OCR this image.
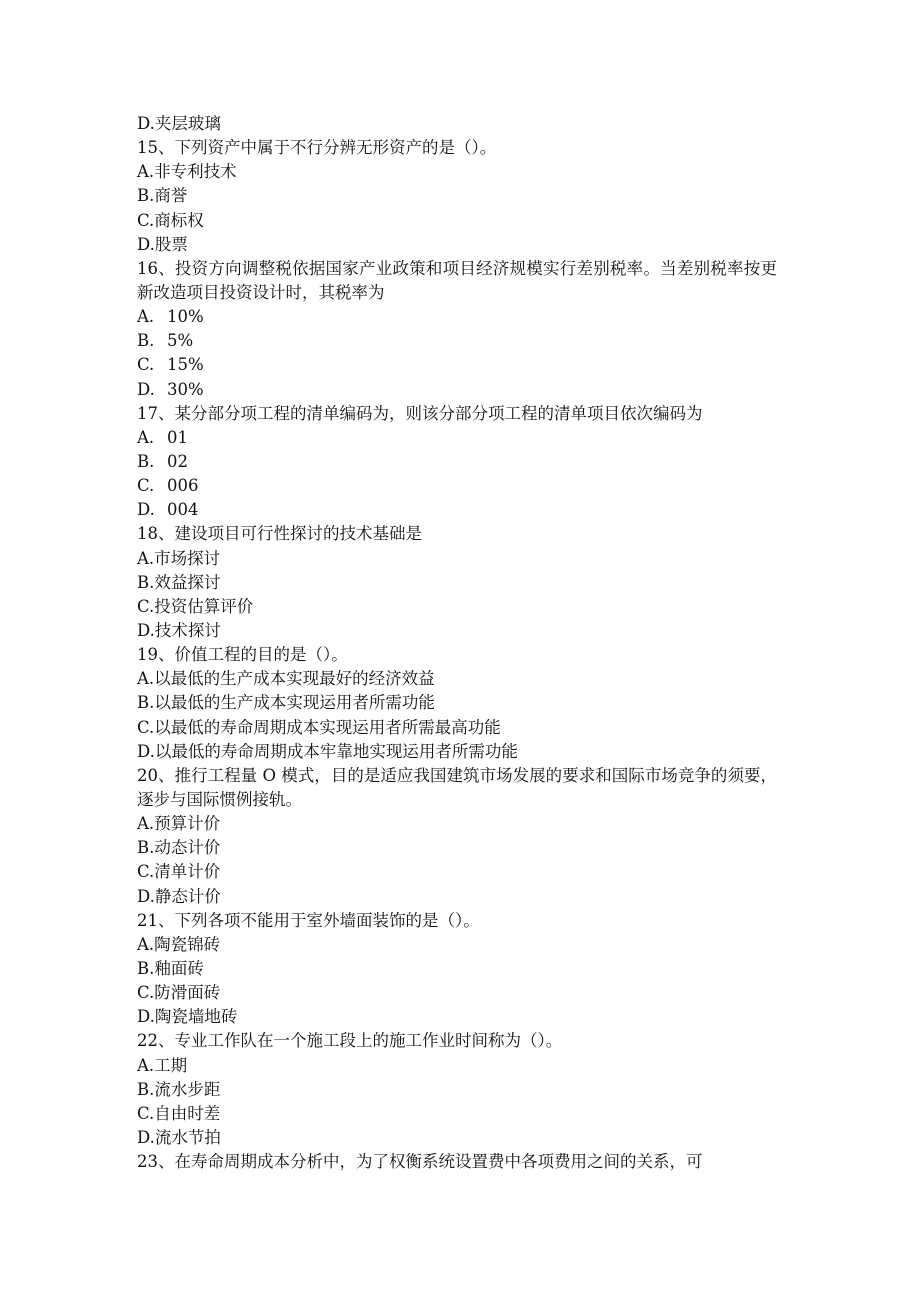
D.夹层玻璃
15、下列资产中属于不行分辨无形资产的是（）。
A.非专利技术
B.商誉
C.商标权
D.股票
16、投资方向调整税依据国家产业政策和项目经济规模实行差别税率。当差别税率按更新改造项目投资设计时，其税率为
A. 10%
B. 5%
C. 15%
D. 30%
17、某分部分项工程的清单编码为，则该分部分项工程的清单项目依次编码为
A. 01
B. 02
C. 006
D. 004
18、建设项目可行性探讨的技术基础是
A.市场探讨
B.效益探讨
C.投资估算评价
D.技术探讨
19、价值工程的目的是（）。
A.以最低的生产成本实现最好的经济效益
B.以最低的生产成本实现运用者所需功能
C.以最低的寿命周期成本实现运用者所需最高功能
D.以最低的寿命周期成本牢靠地实现运用者所需功能
20、推行工程量 O 模式，目的是适应我国建筑市场发展的要求和国际市场竞争的须要，逐步与国际惯例接轨。
A.预算计价
B.动态计价
C.清单计价
D.静态计价
21、下列各项不能用于室外墙面装饰的是（）。
A.陶瓷锦砖
B.釉面砖
C.防滑面砖
D.陶瓷墙地砖
22、专业工作队在一个施工段上的施工作业时间称为（）。
A.工期
B.流水步距
C.自由时差
D.流水节拍
23、在寿命周期成本分析中，为了权衡系统设置费中各项费用之间的关系，可
